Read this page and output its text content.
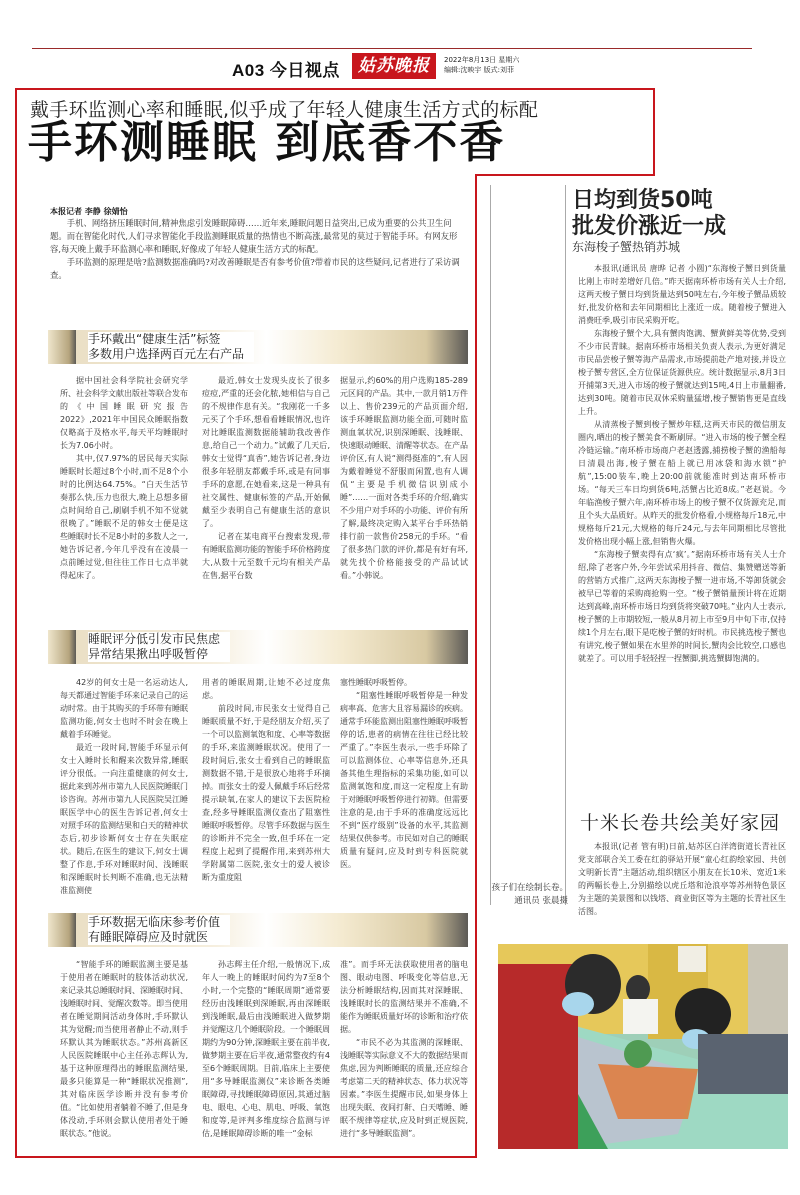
A03 今日视点	姑苏晚报	2022年8月13日 星期六
编辑:沈映宇 版式:刘菲
戴手环监测心率和睡眠,似乎成了年轻人健康生活方式的标配
手环测睡眠 到底香不香
本报记者 李静 徐婧怡

手机、网络挤压睡眠时间,精神焦虑引发睡眠障碍……近年来,睡眠问题日益突出,已成为重要的公共卫生问题。而在智能化时代,人们寻求智能化手段监测睡眠质量的热情也不断高涨,最常见的莫过于智能手环。有网友形容,每天晚上戴手环监测心率和睡眠,好像成了年轻人健康生活方式的标配。

手环监测的原理是啥?监测数据准确吗?对改善睡眠是否有参考价值?带着市民的这些疑问,记者进行了采访调查。

手环戴出“健康生活”标签
多数用户选择两百元左右产品

据中国社会科学院社会研究学所、社会科学文献出版社等联合发布的《中国睡眠研究报告2022》,2021年中国民众睡眠指数仅略高于及格水平,每天平均睡眠时长为7.06小时。

其中,仅7.97%的居民每天实际睡眠时长超过8个小时,而不足8个小时的比例达64.75%。“白天生活节奏那么快,压力也很大,晚上总想多留点时间给自己,刷刷手机不知不觉就很晚了。”睡眠不足的韩女士便是这些睡眠时长不足8小时的多数人之一,她告诉记者,今年几乎没有在凌晨一点前睡过觉,但往往工作日七点半就得起床了。

最近,韩女士发现头皮长了很多痘痘,严重的还会化脓,她相信与自己的不规律作息有关。“我刚花一千多元买了个手环,想看看睡眠情况,也许对比睡眠监测数据能辅助我改善作息,给自己一个动力。”试戴了几天后,韩女士觉得“真香”,她告诉记者,身边很多年轻朋友都戴手环,或是有同事手环的意愿,在她看来,这是一种具有社交属性、健康标签的产品,开始佩戴至少表明自己有健康生活的意识了。

记者在某电商平台搜索发现,带有睡眠监测功能的智能手环价格跨度大,从数十元至数千元均有相关产品在售,据平台数

据显示,约60%的用户选购185-289元区间的产品。其中,一款月销1万件以上、售价239元的产品页面介绍,该手环睡眠监测功能全面,可随时监测血氧状况,识别深睡眠、浅睡眠、快速眼动睡眠、清醒等状态。在产品评价区,有人说“测得挺准的”,有人因为戴着睡觉不舒服而闲置,也有人调侃“主要是手机微信识别成小睡”……一面对各类手环的介绍,确实不少用户对手环的小功能、评价有所了解,最终决定购入某平台手环热销排行前一款售价258元的手环。“看了很多热门款的评价,都是有好有坏,就先找个价格能接受的产品试试看。”小韩说。

睡眠评分低引发市民焦虑
异常结果揪出呼吸暂停

42岁的何女士是一名运动达人,每天都通过智能手环来记录自己的运动时常。由于其购买的手环带有睡眠监测功能,何女士也时不时会在晚上戴着手环睡觉。

最近一段时间,智能手环显示何女士入睡时长和醒来次数异常,睡眠评分很低。一向注重健康的何女士,据此来到苏州市第九人民医院睡眠门诊咨询。苏州市第九人民医院吴江睡眠医学中心的医生告诉记者,何女士对照手环的监测结果和白天的精神状态后,初步诊断何女士存在失眠症状。随后,在医生的建议下,何女士调整了作息,手环对睡眠时间、浅睡眠和深睡眠时长判断不准确,也无法精准监测使

用者的睡眠周期,让她不必过度焦虑。

前段时间,市民张女士觉得自己睡眠质量不好,于是经朋友介绍,买了一个可以监测氧饱和度、心率等数据的手环,来监测睡眠状况。使用了一段时间后,张女士看到自己的睡眠监测数据不错,于是很放心地将手环摘掉。而张女士的爱人佩戴手环后经常提示缺氧,在家人的建议下去医院检查,经多导睡眠监测仪查出了阻塞性睡眠呼吸暂停。尽管手环数据与医生的诊断并不完全一致,但手环在一定程度上起到了提醒作用,来到苏州大学附属第二医院,张女士的爱人被诊断为重度阻

塞性睡眠呼吸暂停。

“阻塞性睡眠呼吸暂停是一种发病率高、危害大且容易漏诊的疾病。通常手环能监测出阻塞性睡眠呼吸暂停的话,患者的病情在往往已经比较严重了。”李医生表示,一些手环除了可以监测体位、心率等信息外,还具备其他生理指标的采集功能,如可以监测氧饱和度,而这一定程度上有助于对睡眠呼吸暂停进行初筛。但需要注意的是,由于手环的准确度远远比不到“医疗级别”设备的水平,其监测结果仅供参考。市民如对自己的睡眠质量有疑问,应及时到专科医院就医。

手环数据无临床参考价值
有睡眠障碍应及时就医

“智能手环的睡眠监测主要是基于使用者在睡眠时的肢体活动状况,来记录其总睡眠时间、深睡眠时间、浅睡眠时间、觉醒次数等。即当使用者在睡觉期间活动身体时,手环默认其为觉醒;而当使用者静止不动,则手环默认其为睡眠状态。”苏州高新区人民医院睡眠中心主任孙志辉认为,基于这种原理得出的睡眠监测结果,最多只能算是一种“睡眠状况推测”,其对临床医学诊断并没有参考价值。“比如使用者躺着不睡了,但是身体没动,手环则会默认使用者处于睡眠状态。”他说。

孙志辉主任介绍,一般情况下,成年人一晚上的睡眠时间约为7至8个小时,一个完整的“睡眠周期”通常要经历由浅睡眠到深睡眠,再由深睡眠到浅睡眠,最后由浅睡眠进入做梦期并觉醒这几个睡眠阶段。一个睡眠周期约为90分钟,深睡眠主要在前半夜,做梦期主要在后半夜,通常整夜约有4至6个睡眠周期。目前,临床上主要使用“多导睡眠监测仪”来诊断各类睡眠障碍,寻找睡眠障碍原因,其通过脑电、眼电、心电、肌电、呼吸、氧饱和度等,是评判多维度综合监测与评估,是睡眠障碍诊断的唯一“金标

准”。而手环无法获取使用者的脑电图、眼动电图、呼吸变化等信息,无法分析睡眠结构,因而其对深睡眠、浅睡眠时长的监测结果并不准确,不能作为睡眠质量好坏的诊断和治疗依据。

“市民不必为其监测的深睡眠、浅睡眠等实际意义不大的数据结果而焦虑,因为判断睡眠的质量,还应综合考虑第二天的精神状态、体力状况等因素。”李医生提醒市民,如果身体上出现失眠、夜间打鼾、白天嗜睡、睡眠不规律等症状,应及时到正规医院,进行“多导睡眠监测”。

日均到货50吨
批发价涨近一成
东海梭子蟹热销苏城

本报讯(通讯员 唐晔 记者 小圆)“东海梭子蟹日到货量比刚上市时差增好几倍。”昨天据南环桥市场有关人士介绍,这两天梭子蟹日均到货量达到50吨左右,今年梭子蟹品质较好,批发价格和去年同期相比上涨近一成。随着梭子蟹进入消费旺季,吸引市民采购开吃。

东海梭子蟹个大,具有蟹肉饱满、蟹黄鲜美等优势,受到不少市民青睐。据南环桥市场相关负责人表示,为更好满足市民品尝梭子蟹等海产品需求,市场提前赴产地对接,并设立梭子蟹专营区,全方位保证货源供应。统计数据显示,8月3日开捕第3天,进入市场的梭子蟹就达到15吨,4日上市量翻番,达到30吨。随着市民双休采购量猛增,梭子蟹销售更是直线上升。

从清蒸梭子蟹到梭子蟹炒年糕,这两天市民的微信朋友圈内,晒出的梭子蟹美食不断刷屏。“进入市场的梭子蟹全程冷链运输。”南环桥市场商户老赵透露,捕捞梭子蟹的渔船每日清晨出海,梭子蟹在船上就已用冰袋和海水锁“护航”,15:00装车,晚上20:00前就能准时到达南环桥市场。“每天三车日均到货6吨,活蟹占比近8成。”老赵说。今年临渔梭子蟹六年,南环桥市场上的梭子蟹不仅货源充足,而且个头大品质好。从昨天的批发价格看,小规格每斤18元,中规格每斤21元,大规格的每斤24元,与去年同期相比尽管批发价格出现小幅上涨,但销售火爆。

“东海梭子蟹卖得有点‘疯’。”据南环桥市场有关人士介绍,除了老客户外,今年尝试采用抖音、微信、集赞赠送等新的营销方式推广,这两天东海梭子蟹一进市场,不等卸货就会被早已等着的采购商抢购一空。“梭子蟹销量预计将在近期达到高峰,南环桥市场日均到货将突破70吨。”业内人士表示,梭子蟹的上市期较短,一般从8月初上市至9月中旬下市,仅持续1个月左右,眼下是吃梭子蟹的好时机。市民挑选梭子蟹也有讲究,梭子蟹如果在水里养的时间长,蟹肉会比较空,口感也就差了。可以用手轻轻捏一捏蟹脚,挑选蟹脚饱满的。

十米长卷共绘美好家园

本报讯(记者 管有明)日前,姑苏区白洋湾街道长青社区党支部联合关工委在红韵驿站开展“童心红韵绘家园、共创文明新长青”主题活动,组织辖区小朋友在长10米、宽近1米的两幅长卷上,分别描绘以虎丘塔和沧浪亭等苏州特色景区为主题的美景图和以钱塔、商业街区等为主题的长青社区生活图。

孩子们在绘制长卷。通讯员 张晨摄
